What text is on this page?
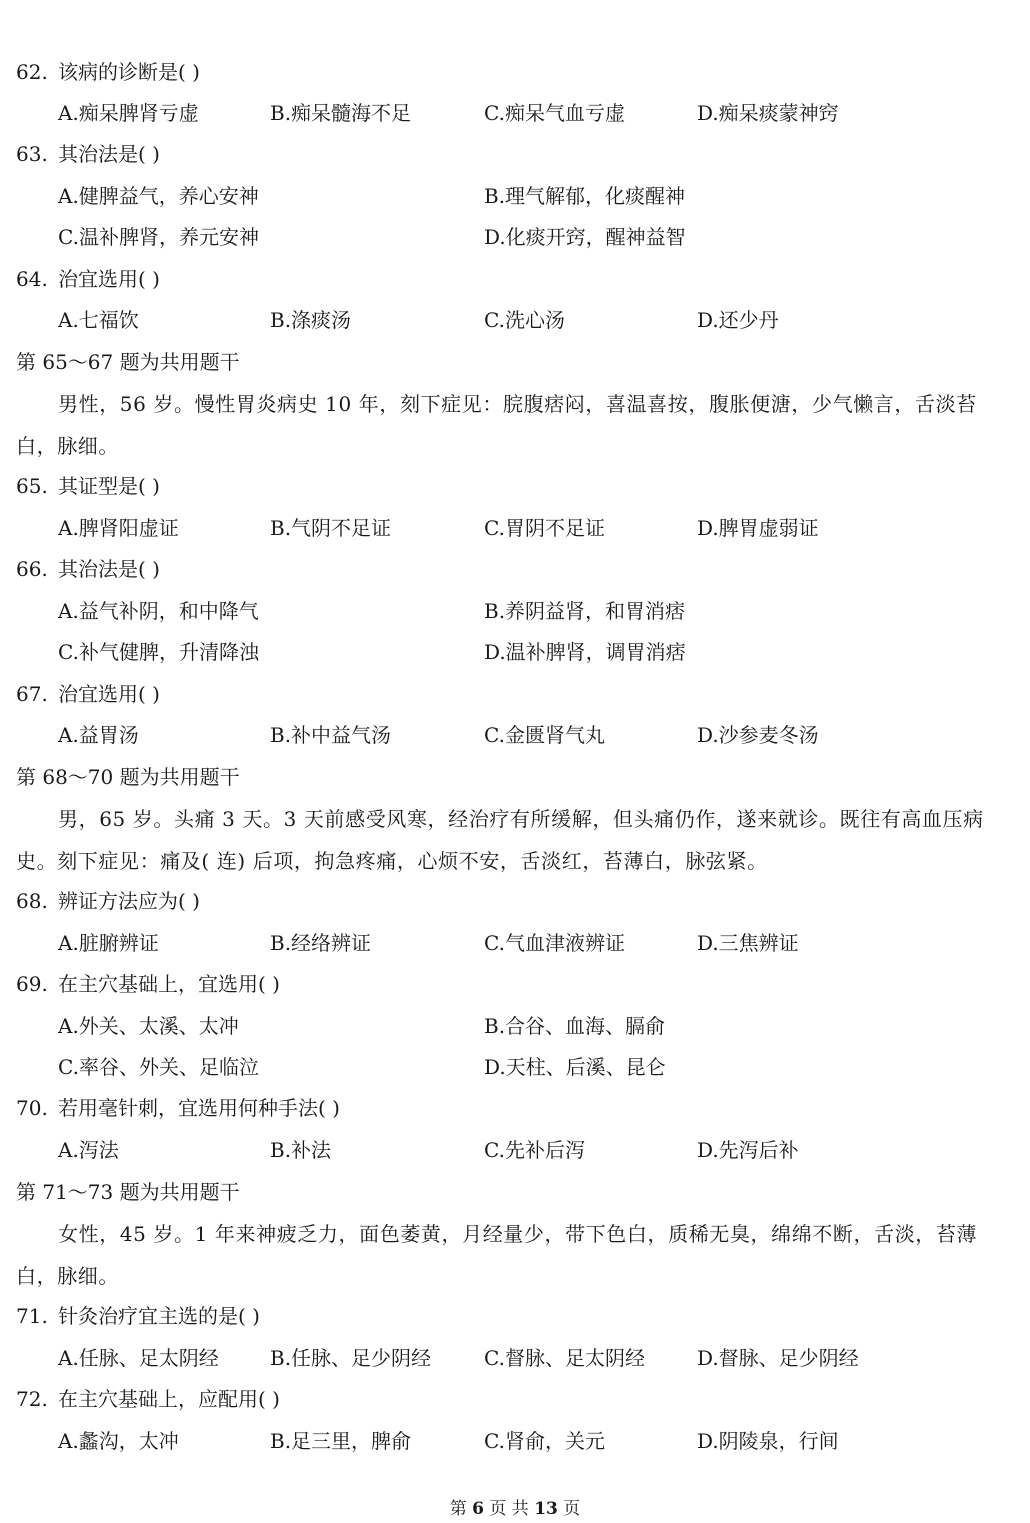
62. 该病的诊断是( )
A.痴呆脾肾亏虚	B.痴呆髓海不足	C.痴呆气血亏虚	D.痴呆痰蒙神窍
63. 其治法是( )
A.健脾益气，养心安神	B.理气解郁，化痰醒神
C.温补脾肾，养元安神	D.化痰开窍，醒神益智
64. 治宜选用( )
A.七福饮	B.涤痰汤	C.洗心汤	D.还少丹
第 65～67 题为共用题干
男性，56 岁。慢性胃炎病史 10 年，刻下症见：脘腹痞闷，喜温喜按，腹胀便溏，少气懒言，舌淡苔白，脉细。
65. 其证型是( )
A.脾肾阳虚证	B.气阴不足证	C.胃阴不足证	D.脾胃虚弱证
66. 其治法是( )
A.益气补阴，和中降气	B.养阴益肾，和胃消痞
C.补气健脾，升清降浊	D.温补脾肾，调胃消痞
67. 治宜选用( )
A.益胃汤	B.补中益气汤	C.金匮肾气丸	D.沙参麦冬汤
第 68～70 题为共用题干
男，65 岁。头痛 3 天。3 天前感受风寒，经治疗有所缓解，但头痛仍作，遂来就诊。既往有高血压病史。刻下症见：痛及( 连) 后项，拘急疼痛，心烦不安，舌淡红，苔薄白，脉弦紧。
68. 辨证方法应为( )
A.脏腑辨证	B.经络辨证	C.气血津液辨证	D.三焦辨证
69. 在主穴基础上，宜选用( )
A.外关、太溪、太冲	B.合谷、血海、膈俞
C.率谷、外关、足临泣	D.天柱、后溪、昆仑
70. 若用毫针刺，宜选用何种手法( )
A.泻法	B.补法	C.先补后泻	D.先泻后补
第 71～73 题为共用题干
女性，45 岁。1 年来神疲乏力，面色萎黄，月经量少，带下色白，质稀无臭，绵绵不断，舌淡，苔薄白，脉细。
71. 针灸治疗宜主选的是( )
A.任脉、足太阴经	B.任脉、足少阴经	C.督脉、足太阴经	D.督脉、足少阴经
72. 在主穴基础上，应配用( )
A.蠡沟，太冲	B.足三里，脾俞	C.肾俞，关元	D.阴陵泉，行间
第 6 页 共 13 页
